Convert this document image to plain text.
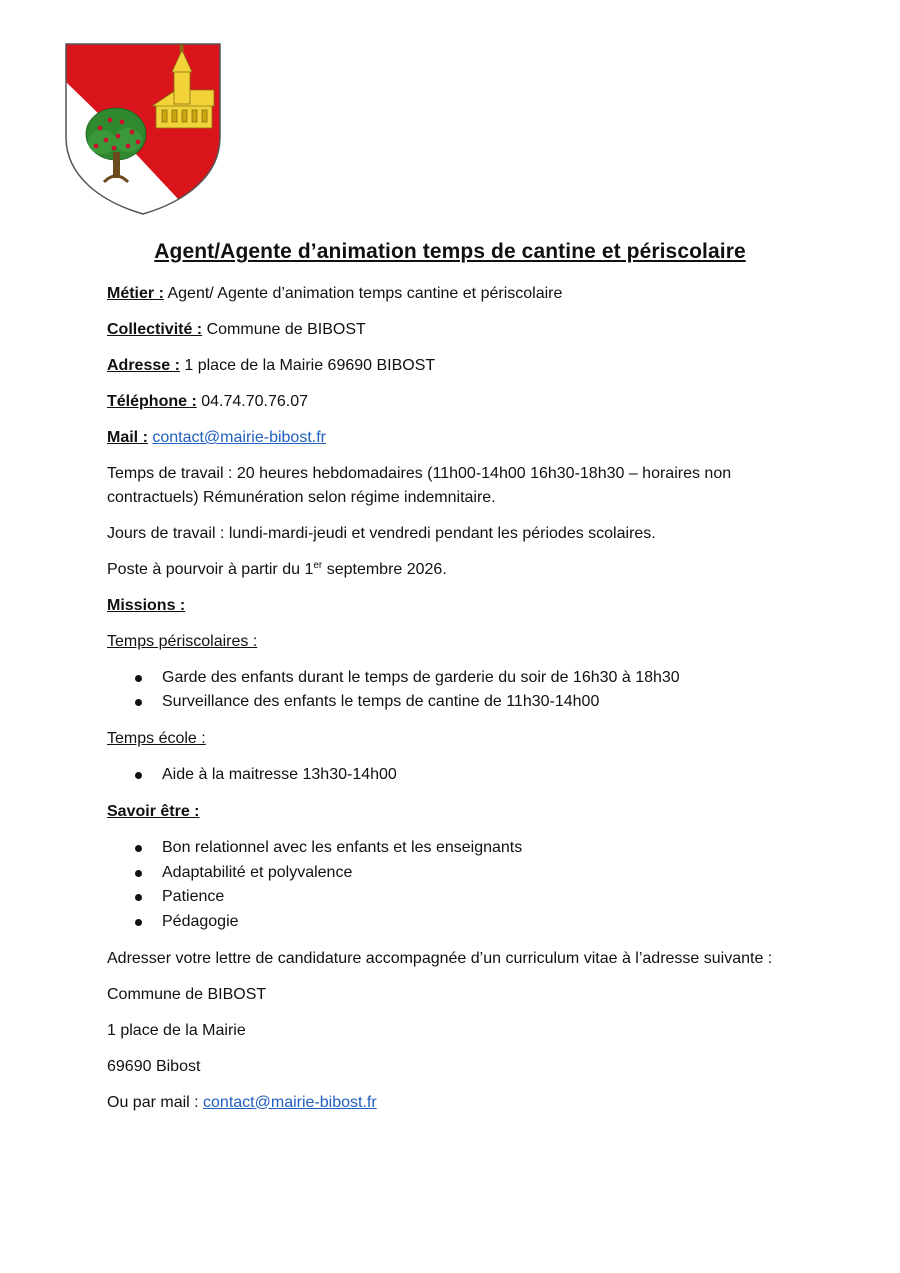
Agent/Agente d’animation temps de cantine et périscolaire

Métier : Agent/ Agente d’animation temps cantine et périscolaire

Collectivité : Commune de BIBOST

Adresse : 1 place de la Mairie 69690 BIBOST

Téléphone : 04.74.70.76.07

Mail : contact@mairie-bibost.fr

Temps de travail : 20 heures hebdomadaires (11h00-14h00 16h30-18h30 – horaires non contractuels) Rémunération selon régime indemnitaire.

Jours de travail : lundi-mardi-jeudi et vendredi pendant les périodes scolaires.

Poste à pourvoir à partir du 1er septembre 2026.

Missions :

Temps périscolaires :

Garde des enfants durant le temps de garderie du soir de 16h30 à 18h30
Surveillance des enfants le temps de cantine de 11h30-14h00

Temps école :

Aide à la maitresse 13h30-14h00

Savoir être :

Bon relationnel avec les enfants et les enseignants
Adaptabilité et polyvalence
Patience
Pédagogie

Adresser votre lettre de candidature accompagnée d’un curriculum vitae à l’adresse suivante :

Commune de BIBOST

1 place de la Mairie

69690 Bibost

Ou par mail : contact@mairie-bibost.fr
